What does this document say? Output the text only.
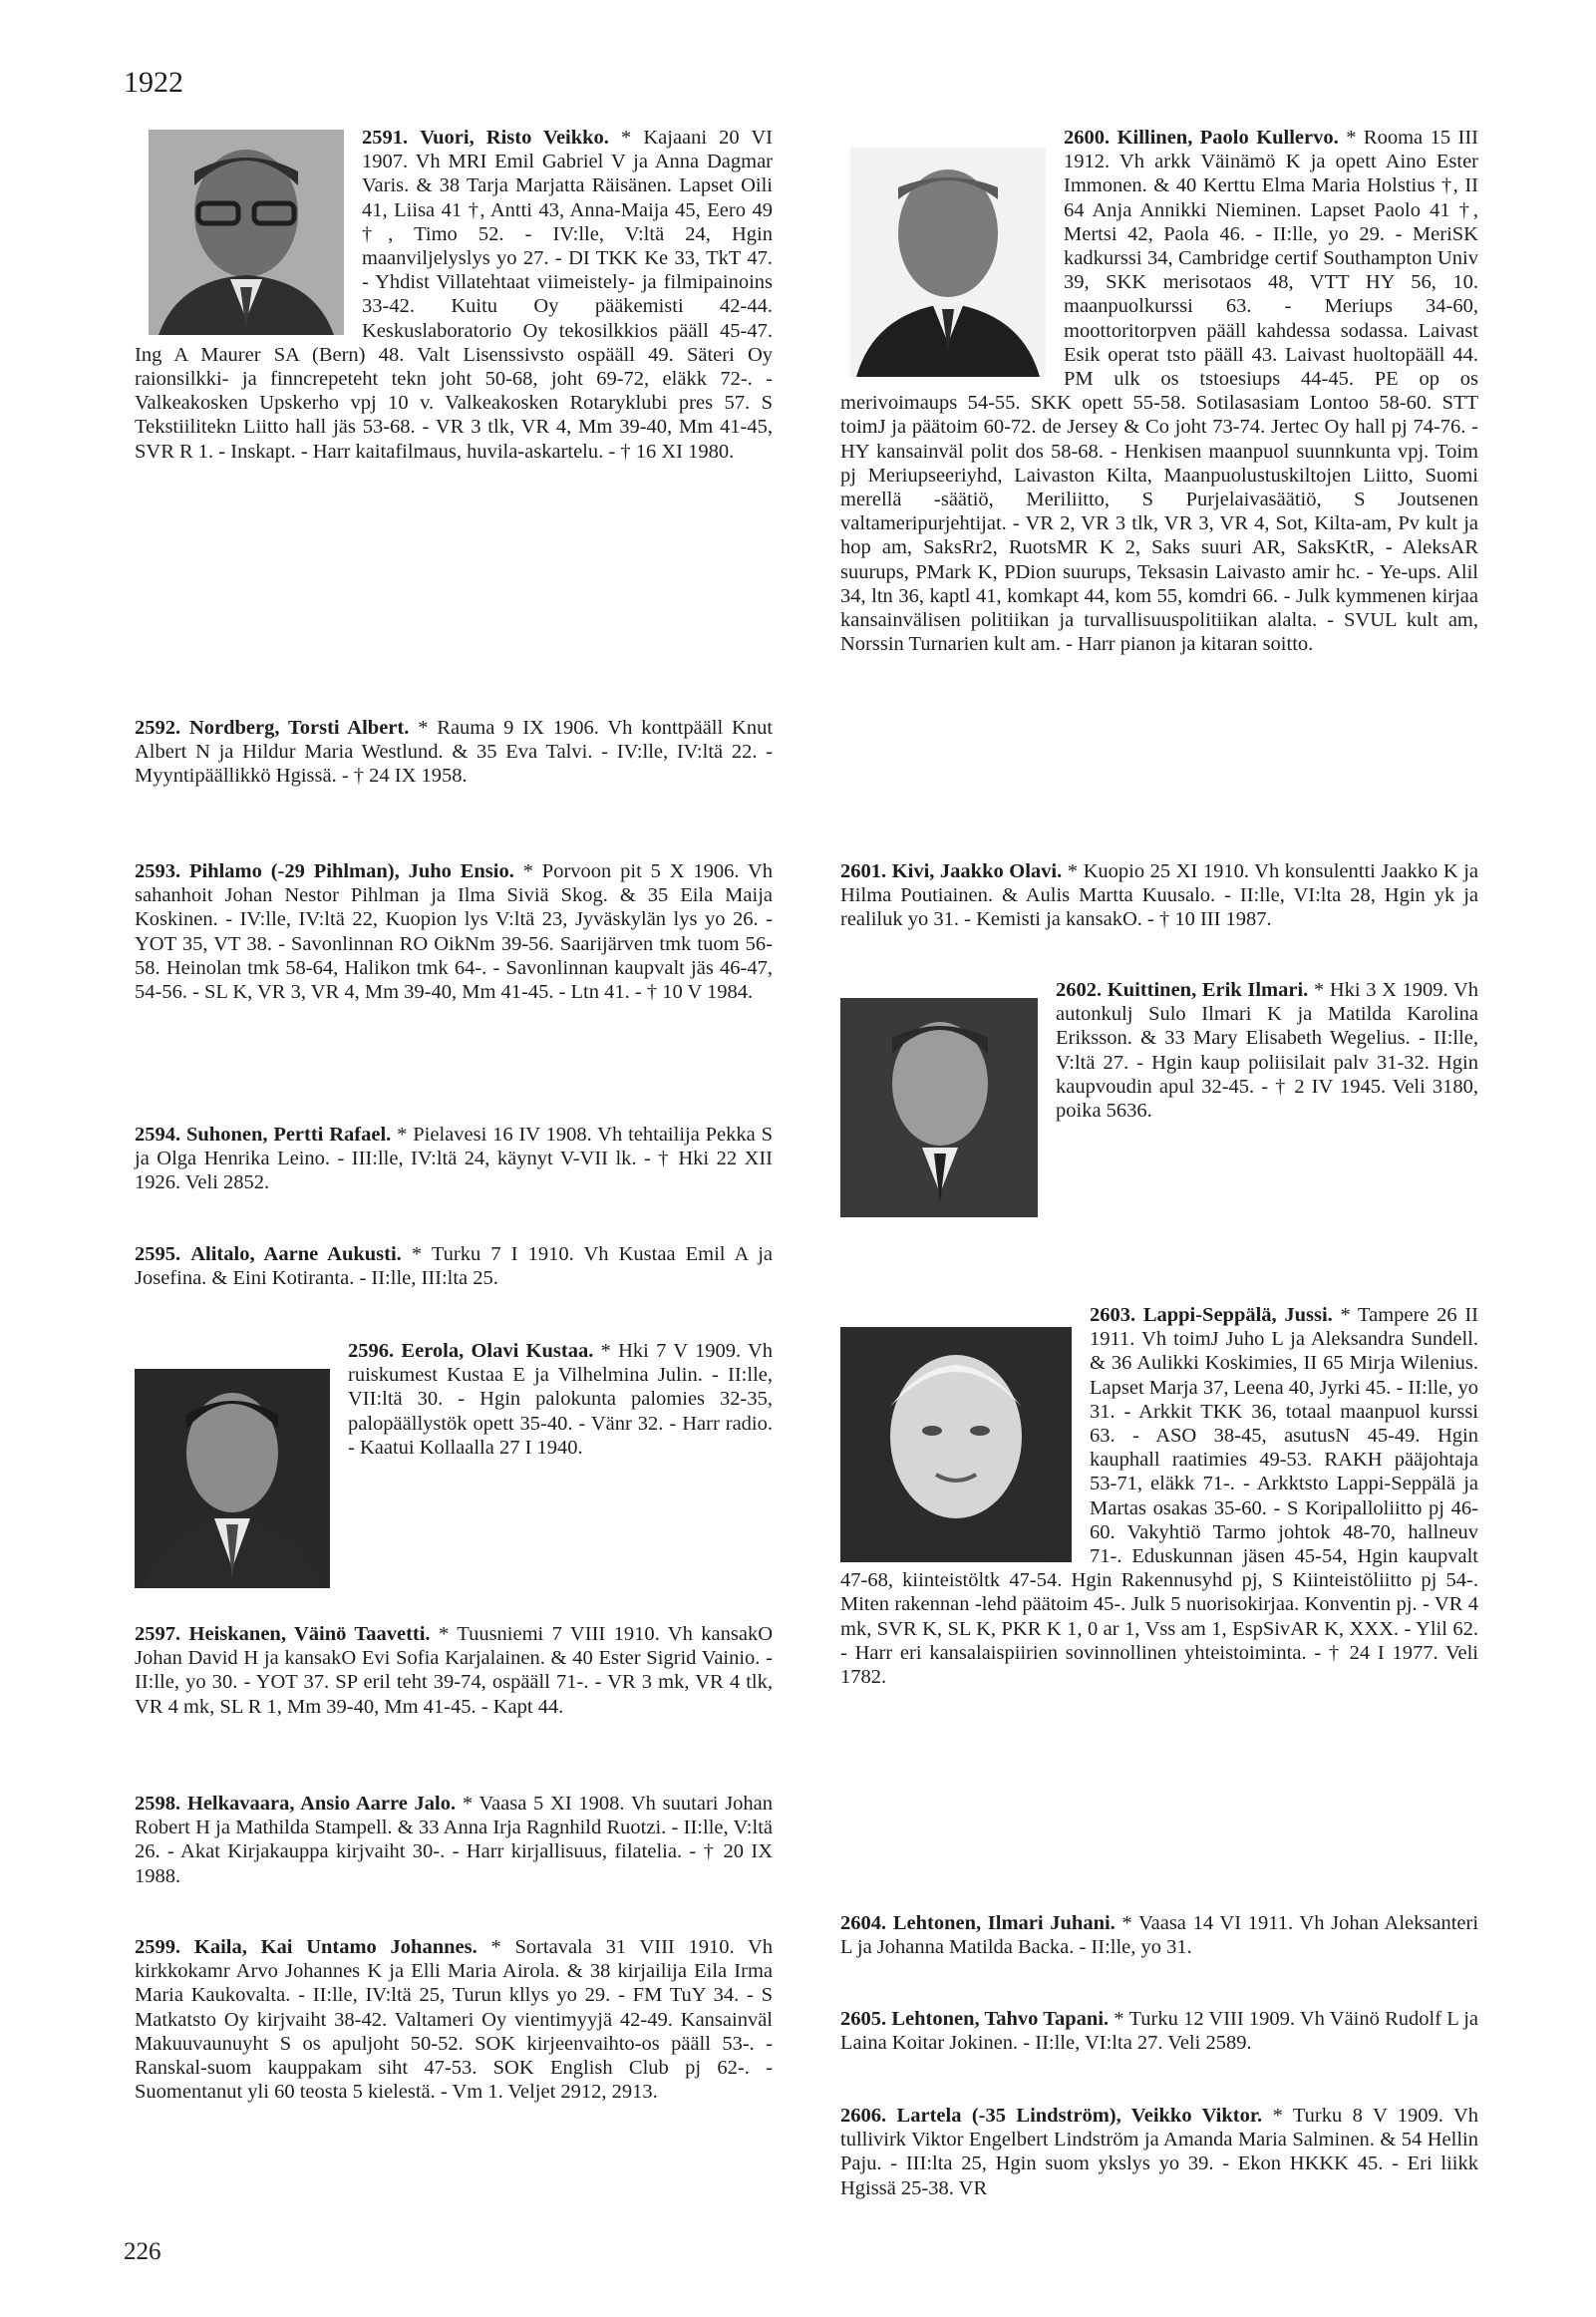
1922
2591. Vuori, Risto Veikko. * Kajaani 20 VI 1907. Vh MRI Emil Gabriel V ja Anna Dagmar Varis. & 38 Tarja Marjatta Räisänen. Lapset Oili 41, Liisa 41 †, Antti 43, Anna-Maija 45, Eero 49 †, Timo 52. - IV:lle, V:ltä 24, Hgin maanviljelyslys yo 27. - DI TKK Ke 33, TkT 47. - Yhdist Villatehtaat viimeistely- ja filmipainoins 33-42. Kuitu Oy pääkemisti 42-44. Keskuslaboratorio Oy tekosilkkios pääll 45-47. Ing A Maurer SA (Bern) 48. Valt Lisenssivsto ospääll 49. Säteri Oy raionsilkki- ja finncrepeteht tekn joht 50-68, joht 69-72, eläkk 72-. - Valkeakosken Upskerho vpj 10 v. Valkeakosken Rotaryklubi pres 57. S Tekstiilitekn Liitto hall jäs 53-68. - VR 3 tlk, VR 4, Mm 39-40, Mm 41-45, SVR R 1. - Inskapt. - Harr kaitafilmaus, huvila-askartelu. - † 16 XI 1980.
2592. Nordberg, Torsti Albert. * Rauma 9 IX 1906. Vh konttpääll Knut Albert N ja Hildur Maria Westlund. & 35 Eva Talvi. - IV:lle, IV:ltä 22. - Myyntipäällikkö Hgissä. - † 24 IX 1958.
2593. Pihlamo (-29 Pihlman), Juho Ensio. * Porvoon pit 5 X 1906. Vh sahanhoit Johan Nestor Pihlman ja Ilma Siviä Skog. & 35 Eila Maija Koskinen. - IV:lle, IV:ltä 22, Kuopion lys V:ltä 23, Jyväskylän lys yo 26. - YOT 35, VT 38. - Savonlinnan RO OikNm 39-56. Saarijärven tmk tuom 56-58. Heinolan tmk 58-64, Halikon tmk 64-. - Savonlinnan kaupvalt jäs 46-47, 54-56. - SL K, VR 3, VR 4, Mm 39-40, Mm 41-45. - Ltn 41. - † 10 V 1984.
2594. Suhonen, Pertti Rafael. * Pielavesi 16 IV 1908. Vh tehtailija Pekka S ja Olga Henrika Leino. - III:lle, IV:ltä 24, käynyt V-VII lk. - † Hki 22 XII 1926. Veli 2852.
2595. Alitalo, Aarne Aukusti. * Turku 7 I 1910. Vh Kustaa Emil A ja Josefina. & Eini Kotiranta. - II:lle, III:lta 25.
2596. Eerola, Olavi Kustaa. * Hki 7 V 1909. Vh ruiskumest Kustaa E ja Vilhelmina Julin. - II:lle, VII:ltä 30. - Hgin palokunta palomies 32-35, palopäällystök opett 35-40. - Vänr 32. - Harr radio. - Kaatui Kollaalla 27 I 1940.
2597. Heiskanen, Väinö Taavetti. * Tuusniemi 7 VIII 1910. Vh kansakO Johan David H ja kansakO Evi Sofia Karjalainen. & 40 Ester Sigrid Vainio. - II:lle, yo 30. - YOT 37. SP eril teht 39-74, ospääll 71-. - VR 3 mk, VR 4 tlk, VR 4 mk, SL R 1, Mm 39-40, Mm 41-45. - Kapt 44.
2598. Helkavaara, Ansio Aarre Jalo. * Vaasa 5 XI 1908. Vh suutari Johan Robert H ja Mathilda Stampell. & 33 Anna Irja Ragnhild Ruotzi. - II:lle, V:ltä 26. - Akat Kirjakauppa kirjvaiht 30-. - Harr kirjallisuus, filatelia. - † 20 IX 1988.
2599. Kaila, Kai Untamo Johannes. * Sortavala 31 VIII 1910. Vh kirkkokamr Arvo Johannes K ja Elli Maria Airola. & 38 kirjailija Eila Irma Maria Kaukovalta. - II:lle, IV:ltä 25, Turun kllys yo 29. - FM TuY 34. - S Matkatsto Oy kirjvaiht 38-42. Valtameri Oy vientimyyjä 42-49. Kansainväl Makuuvaunuyht S os apuljoht 50-52. SOK kirjeenvaihto-os pääll 53-. - Ranskal-suom kauppakam siht 47-53. SOK English Club pj 62-. - Suomentanut yli 60 teosta 5 kielestä. - Vm 1. Veljet 2912, 2913.
2600. Killinen, Paolo Kullervo. * Rooma 15 III 1912. Vh arkk Väinämö K ja opett Aino Ester Immonen. & 40 Kerttu Elma Maria Holstius †, II 64 Anja Annikki Nieminen. Lapset Paolo 41 †, Mertsi 42, Paola 46. - II:lle, yo 29. - MeriSK kadkurssi 34, Cambridge certif Southampton Univ 39, SKK merisotaos 48, VTT HY 56, 10. maanpuolkurssi 63. - Meriups 34-60, moottoritorpven pääll kahdessa sodassa. Laivast Esik operat tsto pääll 43. Laivast huoltopääll 44. PM ulk os tstoesiups 44-45. PE op os merivoimaups 54-55. SKK opett 55-58. Sotilasasiam Lontoo 58-60. STT toimJ ja päätoim 60-72. de Jersey & Co joht 73-74. Jertec Oy hall pj 74-76. - HY kansainväl polit dos 58-68. - Henkisen maanpuol suunnkunta vpj. Toim pj Meriupseeriyhd, Laivaston Kilta, Maanpuolustuskiltojen Liitto, Suomi merellä -säätiö, Meriliitto, S Purjelaivasäätiö, S Joutsenen valtameripurjehtijat. - VR 2, VR 3 tlk, VR 3, VR 4, Sot, Kilta-am, Pv kult ja hop am, SaksRr2, RuotsMR K 2, Saks suuri AR, SaksKtR, - AleksAR suurups, PMark K, PDion suurups, Teksasin Laivasto amir hc. - Ye-ups. Alil 34, ltn 36, kaptl 41, komkapt 44, kom 55, komdri 66. - Julk kymmenen kirjaa kansainvälisen politiikan ja turvallisuuspolitiikan alalta. - SVUL kult am, Norssin Turnarien kult am. - Harr pianon ja kitaran soitto.
2601. Kivi, Jaakko Olavi. * Kuopio 25 XI 1910. Vh konsulentti Jaakko K ja Hilma Poutiainen. & Aulis Martta Kuusalo. - II:lle, VI:lta 28, Hgin yk ja realiluk yo 31. - Kemisti ja kansakO. - † 10 III 1987.
2602. Kuittinen, Erik Ilmari. * Hki 3 X 1909. Vh autonkulj Sulo Ilmari K ja Matilda Karolina Eriksson. & 33 Mary Elisabeth Wegelius. - II:lle, V:ltä 27. - Hgin kaup poliisilait palv 31-32. Hgin kaupvoudin apul 32-45. - † 2 IV 1945. Veli 3180, poika 5636.
2603. Lappi-Seppälä, Jussi. * Tampere 26 II 1911. Vh toimJ Juho L ja Aleksandra Sundell. & 36 Aulikki Koskimies, II 65 Mirja Wilenius. Lapset Marja 37, Leena 40, Jyrki 45. - II:lle, yo 31. - Arkkit TKK 36, totaal maanpuol kurssi 63. - ASO 38-45, asutusN 45-49. Hgin kauphall raatimies 49-53. RAKH pääjohtaja 53-71, eläkk 71-. - Arkktsto Lappi-Seppälä ja Martas osakas 35-60. - S Koripalloliitto pj 46-60. Vakyhtiö Tarmo johtok 48-70, hallneuv 71-. Eduskunnan jäsen 45-54, Hgin kaupvalt 47-68, kiinteistöltk 47-54. Hgin Rakennusyhd pj, S Kiinteistöliitto pj 54-. Miten rakennan -lehd päätoim 45-. Julk 5 nuorisokirjaa. Konventin pj. - VR 4 mk, SVR K, SL K, PKR K 1, 0 ar 1, Vss am 1, EspSivAR K, XXX. - Ylil 62. - Harr eri kansalaispiirien sovinnollinen yhteistoiminta. - † 24 I 1977. Veli 1782.
2604. Lehtonen, Ilmari Juhani. * Vaasa 14 VI 1911. Vh Johan Aleksanteri L ja Johanna Matilda Backa. - II:lle, yo 31.
2605. Lehtonen, Tahvo Tapani. * Turku 12 VIII 1909. Vh Väinö Rudolf L ja Laina Koitar Jokinen. - II:lle, VI:lta 27. Veli 2589.
2606. Lartela (-35 Lindström), Veikko Viktor. * Turku 8 V 1909. Vh tullivirk Viktor Engelbert Lindström ja Amanda Maria Salminen. & 54 Hellin Paju. - III:lta 25, Hgin suom ykslys yo 39. - Ekon HKKK 45. - Eri liikk Hgissä 25-38. VR
226
